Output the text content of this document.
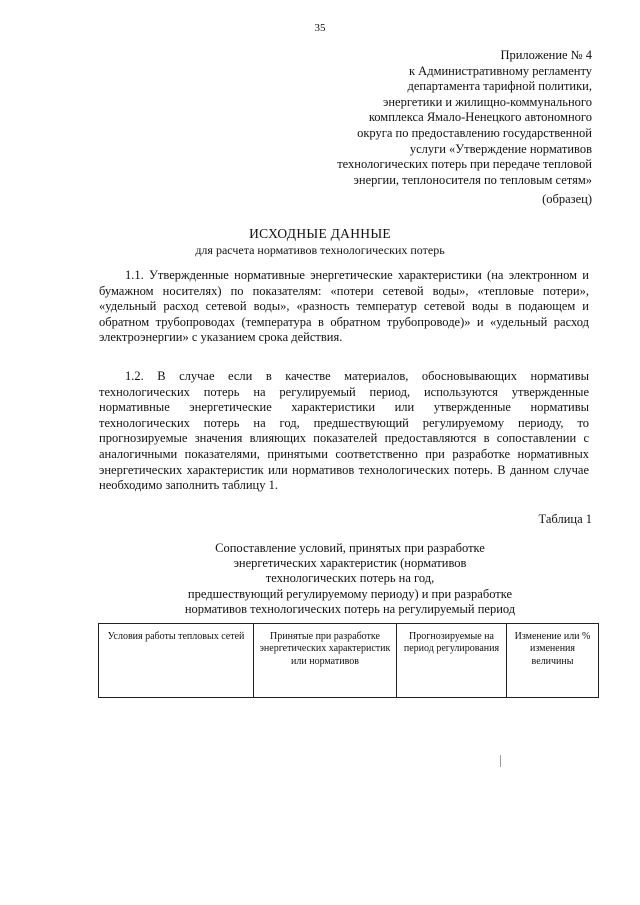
35
Приложение № 4
к Административному регламенту
департамента тарифной политики,
энергетики и жилищно-коммунального
комплекса Ямало-Ненецкого автономного
округа по предоставлению государственной
услуги «Утверждение нормативов
технологических потерь при передаче тепловой
энергии, теплоносителя по тепловым сетям»
(образец)
ИСХОДНЫЕ ДАННЫЕ
для расчета нормативов технологических потерь
1.1. Утвержденные нормативные энергетические характеристики (на электронном и бумажном носителях) по показателям: «потери сетевой воды», «тепловые потери», «удельный расход сетевой воды», «разность температур сетевой воды в подающем и обратном трубопроводах (температура в обратном трубопроводе)» и «удельный расход электроэнергии» с указанием срока действия.
1.2. В случае если в качестве материалов, обосновывающих нормативы технологических потерь на регулируемый период, используются утвержденные нормативные энергетические характеристики или утвержденные нормативы технологических потерь на год, предшествующий регулируемому периоду, то прогнозируемые значения влияющих показателей предоставляются в сопоставлении с аналогичными показателями, принятыми соответственно при разработке нормативных энергетических характеристик или нормативов технологических потерь. В данном случае необходимо заполнить таблицу 1.
Таблица 1
Сопоставление условий, принятых при разработке
энергетических характеристик (нормативов
технологических потерь на год,
предшествующий регулируемому периоду) и при разработке
нормативов технологических потерь на регулируемый период
Условия работы тепловых сетей	Принятые при разработке энергетических характеристик или нормативов	Прогнозируемые на период регулирования	Изменение или % изменения величины
